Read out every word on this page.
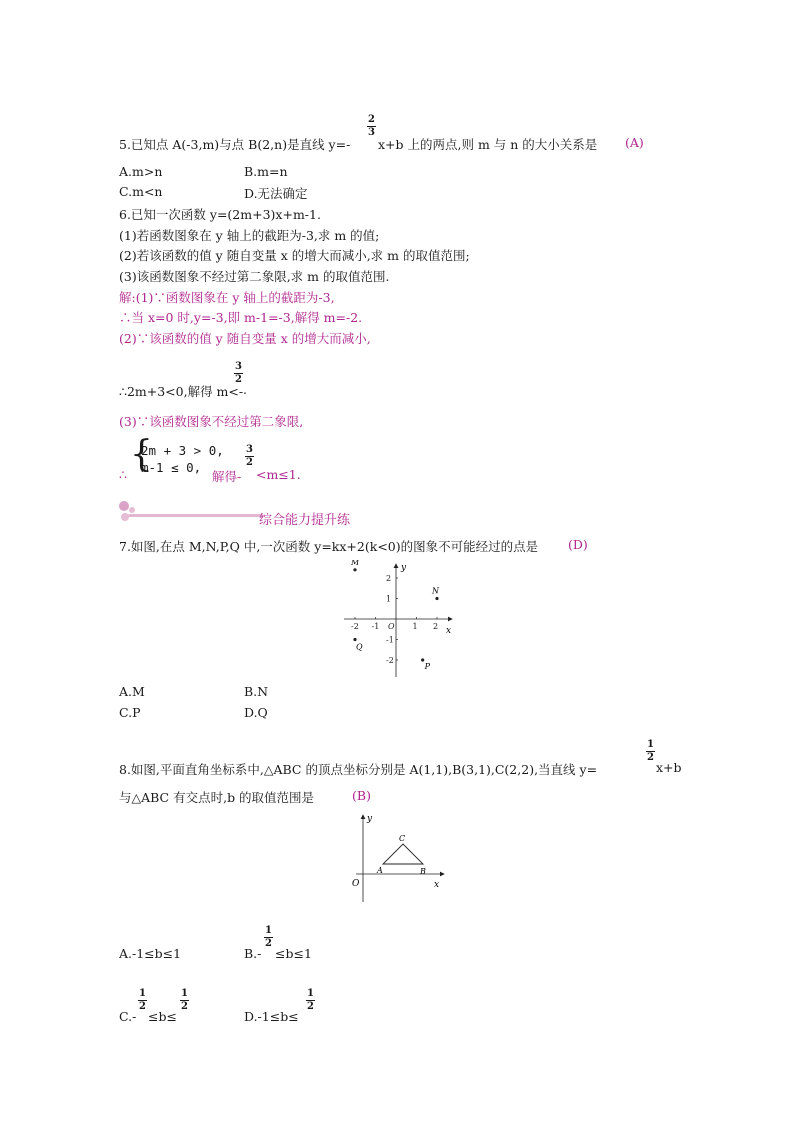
5.已知点 A(-3,m)与点 B(2,n)是直线 y=-
2
3
x+b 上的两点,则 m 与 n 的大小关系是 (A)
A.m>n	B.m=n
C.m<n	D.无法确定
6.已知一次函数 y=(2m+3)x+m-1.
(1)若函数图象在 y 轴上的截距为-3,求 m 的值;
(2)若该函数的值 y 随自变量 x 的增大而减小,求 m 的取值范围;
(3)该函数图象不经过第二象限,求 m 的取值范围.
解:(1)∵函数图象在 y 轴上的截距为-3,
∴当 x=0 时,y=-3,即 m-1=-3,解得 m=-2.
(2)∵该函数的值 y 随自变量 x 的增大而减小,
∴2m+3<0,解得 m<-
3
2
.
(3)∵该函数图象不经过第二象限,
{
2m + 3 > 0,
m-1 ≤ 0,
∴	解得-
3
2
<m≤1.
综合能力提升练
7.如图,在点 M,N,P,Q 中,一次函数 y=kx+2(k<0)的图象不可能经过的点是 (D)
x
y
-2 -1 O 1 2
2
1
-1
-2
M
N
P
Q
A.M	B.N
C.P	D.Q
8.如图,平面直角坐标系中,△ABC 的顶点坐标分别是 A(1,1),B(3,1),C(2,2),当直线 y=
1
2
x+b
与△ABC 有交点时,b 的取值范围是	(B)
x
y
O
A	B
C
A.-1≤b≤1	B.-
1
2
≤b≤1
C.-
1
2
≤b≤
1
2
D.-1≤b≤
1
2
